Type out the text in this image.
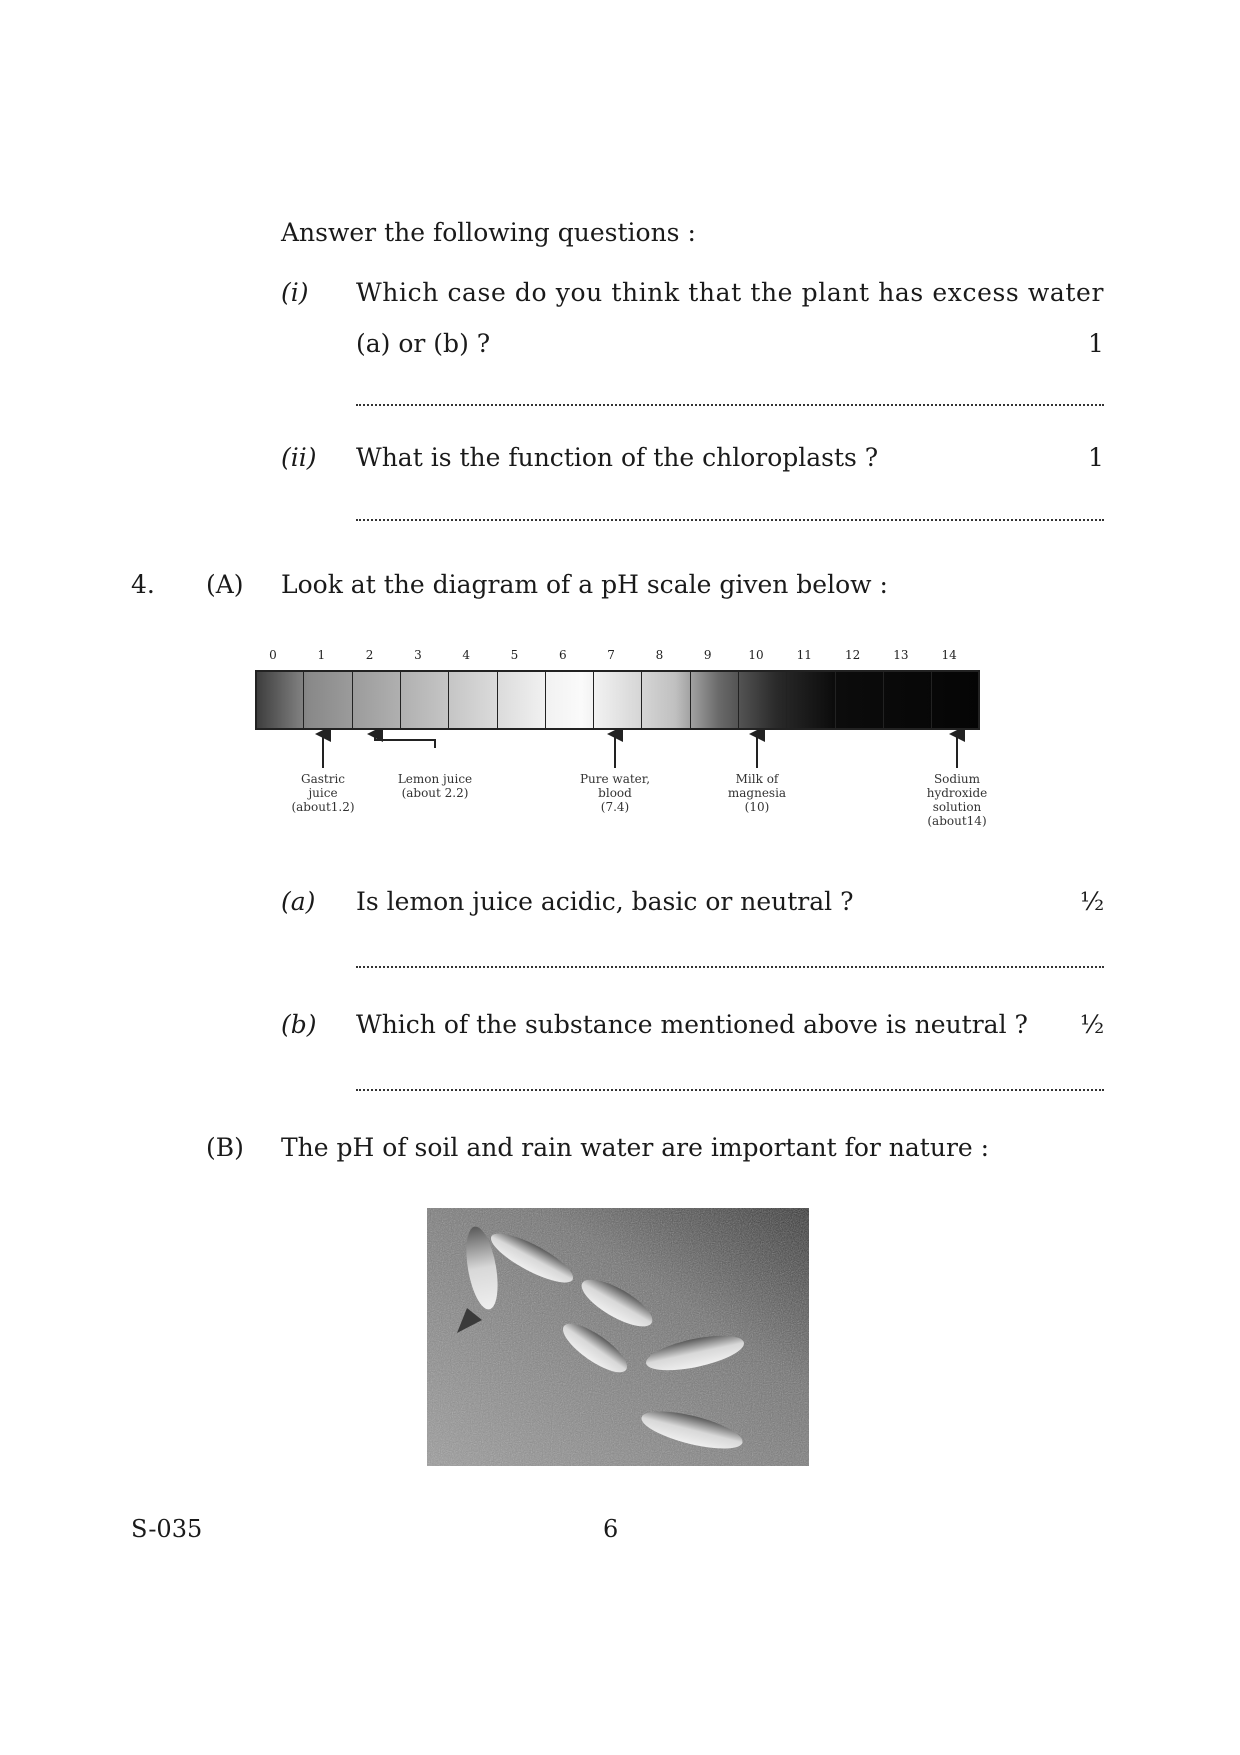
Answer the following questions :
(i) Which case do you think that the plant has excess water
(a) or (b) ?	1
(ii) What is the function of the chloroplasts ?	1
4. (A) Look at the diagram of a pH scale given below :
0	1	2	3	4	5	6	7	8	9	10	11	12	13	14
Gastric
juice
(about1.2)
Lemon juice
(about 2.2)
Pure water,
blood
(7.4)
Milk of
magnesia
(10)
Sodium
hydroxide
solution
(about14)
(a) Is lemon juice acidic, basic or neutral ?	½
(b) Which of the substance mentioned above is neutral ? ½
(B) The pH of soil and rain water are important for nature :
S-035	6
